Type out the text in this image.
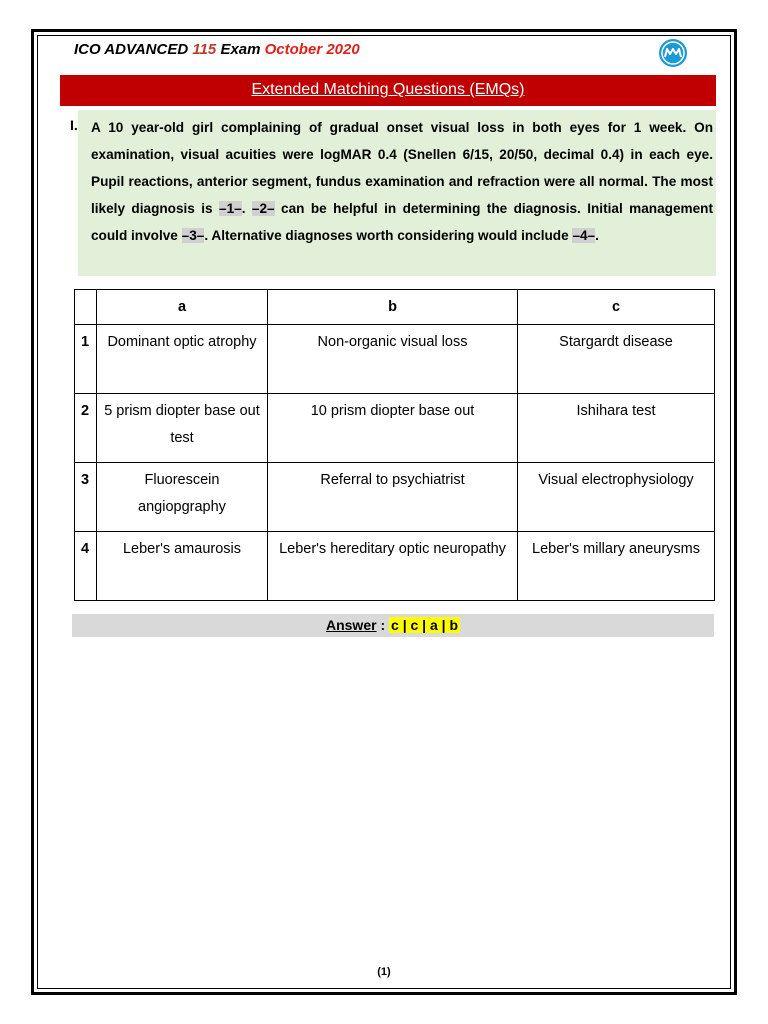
ICO ADVANCED 115 Exam October 2020
Extended Matching Questions (EMQs)
I. A 10 year-old girl complaining of gradual onset visual loss in both eyes for 1 week. On examination, visual acuities were logMAR 0.4 (Snellen 6/15, 20/50, decimal 0.4) in each eye. Pupil reactions, anterior segment, fundus examination and refraction were all normal. The most likely diagnosis is –1–. –2– can be helpful in determining the diagnosis. Initial management could involve –3–. Alternative diagnoses worth considering would include –4–.
	a	b	c
1	Dominant optic atrophy	Non-organic visual loss	Stargardt disease
2	5 prism diopter base out test	10 prism diopter base out	Ishihara test
3	Fluorescein angiopgraphy	Referral to psychiatrist	Visual electrophysiology
4	Leber's amaurosis	Leber's hereditary optic neuropathy	Leber's millary aneurysms
Answer : c | c | a | b
(1)
